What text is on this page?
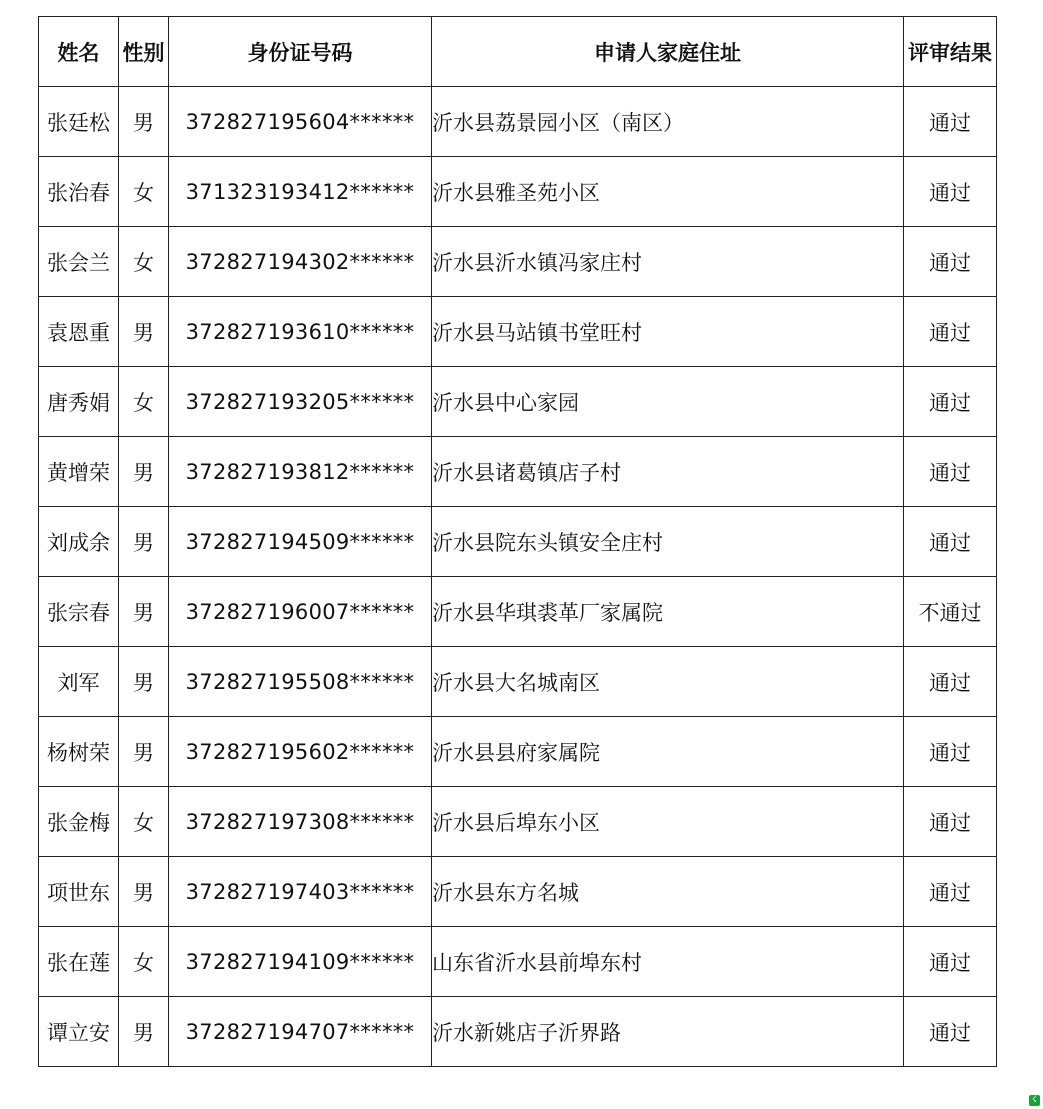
姓名	性别	身份证号码	申请人家庭住址	评审结果
张廷松	男	372827195604******	沂水县荔景园小区（南区）	通过
张治春	女	371323193412******	沂水县雅圣苑小区	通过
张会兰	女	372827194302******	沂水县沂水镇冯家庄村	通过
袁恩重	男	372827193610******	沂水县马站镇书堂旺村	通过
唐秀娟	女	372827193205******	沂水县中心家园	通过
黄增荣	男	372827193812******	沂水县诸葛镇店子村	通过
刘成余	男	372827194509******	沂水县院东头镇安全庄村	通过
张宗春	男	372827196007******	沂水县华琪裘革厂家属院	不通过
刘军	男	372827195508******	沂水县大名城南区	通过
杨树荣	男	372827195602******	沂水县县府家属院	通过
张金梅	女	372827197308******	沂水县后埠东小区	通过
项世东	男	372827197403******	沂水县东方名城	通过
张在莲	女	372827194109******	山东省沂水县前埠东村	通过
谭立安	男	372827194707******	沂水新姚店子沂界路	通过
☇
